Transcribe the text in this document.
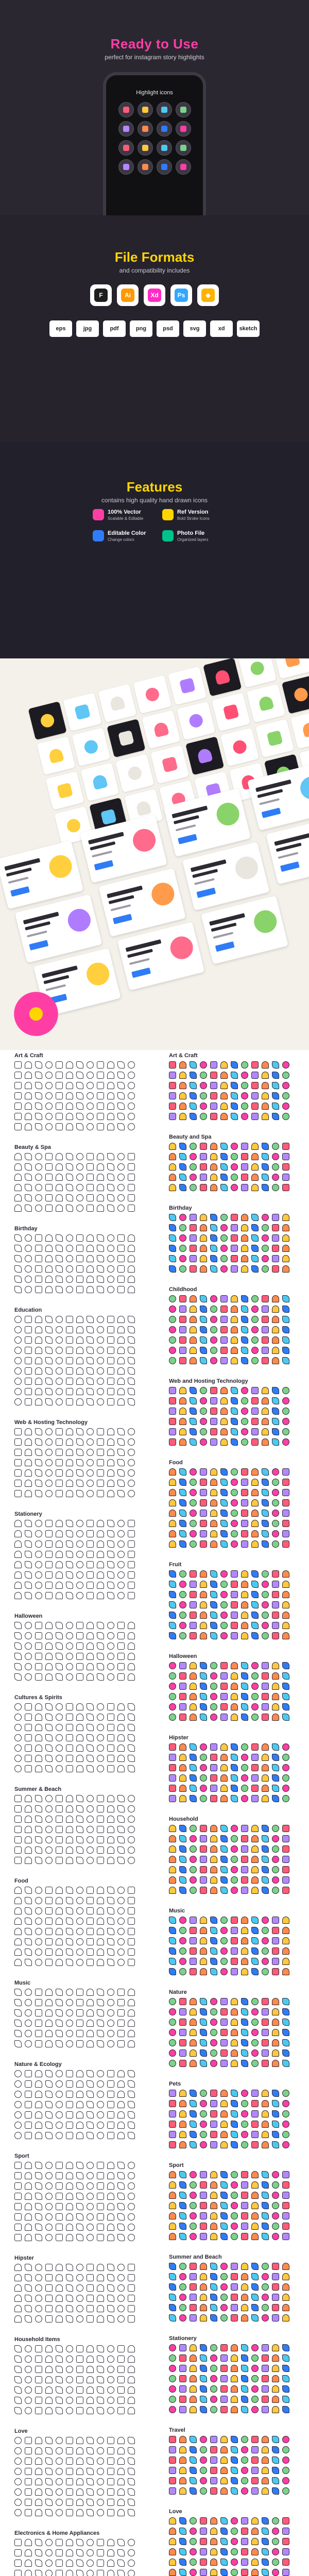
Ready to Use
perfect for instagram story highlights
Highlight icons
File Formats
and compatibility includes
F	Ai	Xd	Ps	◆
eps	jpg	pdf	png	psd	svg	xd	sketch
Features
contains high quality hand drawn icons
100% Vector
Scalable & Editable
Ref Version
Bold Stroke Icons
Editable Color
Change colors
Photo File
Organized layers
Art & Craft
Beauty & Spa
Birthday
Education
Web & Hosting Technology
Stationery
Halloween
Cultures & Spirits
Summer & Beach
Food
Music
Nature & Ecology
Sport
Hipster
Household Items
Love
Electronics & Home Appliances
Art & Craft
Beauty and Spa
Birthday
Childhood
Web and Hosting Technology
Food
Fruit
Halloween
Hipster
Household
Music
Nature
Pets
Sport
Summer and Beach
Stationery
Travel
Love
